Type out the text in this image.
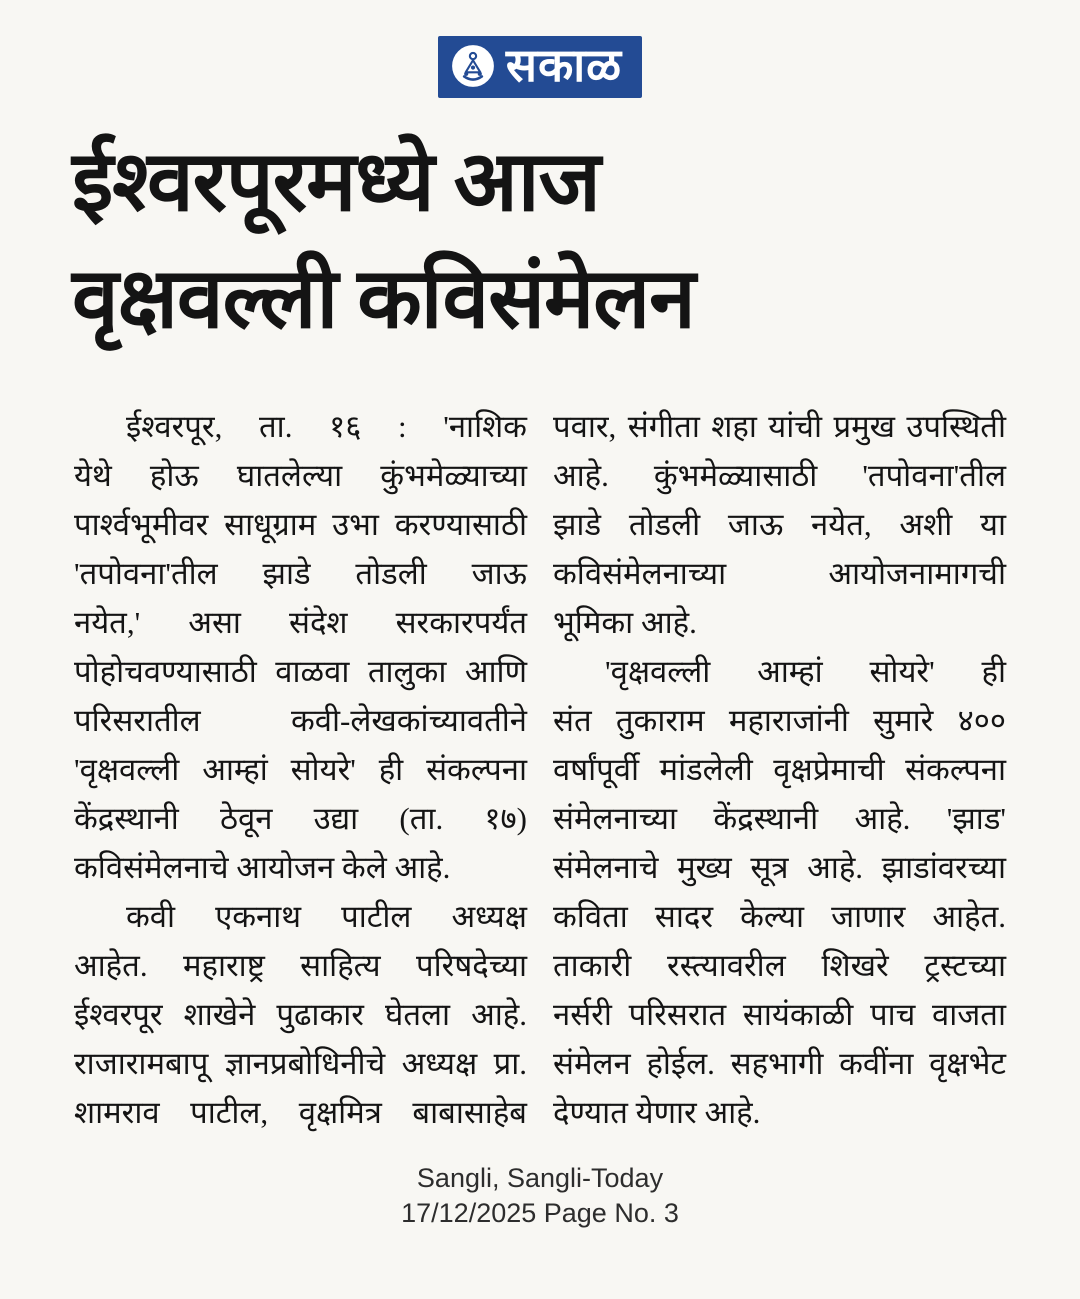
सकाळ
ईश्वरपूरमध्ये आज
वृक्षवल्ली कविसंमेलन
ईश्वरपूर, ता. १६ : 'नाशिक
येथे होऊ घातलेल्या कुंभमेळ्याच्या
पार्श्वभूमीवर साधूग्राम उभा करण्यासाठी
'तपोवना'तील झाडे तोडली जाऊ
नयेत,' असा संदेश सरकारपर्यंत
पोहोचवण्यासाठी वाळवा तालुका आणि
परिसरातील कवी-लेखकांच्यावतीने
'वृक्षवल्ली आम्हां सोयरे' ही संकल्पना
केंद्रस्थानी ठेवून उद्या (ता. १७)
कविसंमेलनाचे आयोजन केले आहे.
कवी एकनाथ पाटील अध्यक्ष
आहेत. महाराष्ट्र साहित्य परिषदेच्या
ईश्वरपूर शाखेने पुढाकार घेतला आहे.
राजारामबापू ज्ञानप्रबोधिनीचे अध्यक्ष प्रा.
शामराव पाटील, वृक्षमित्र बाबासाहेब
पवार, संगीता शहा यांची प्रमुख उपस्थिती
आहे. कुंभमेळ्यासाठी 'तपोवना'तील
झाडे तोडली जाऊ नयेत, अशी या
कविसंमेलनाच्या आयोजनामागची
भूमिका आहे.
'वृक्षवल्ली आम्हां सोयरे' ही
संत तुकाराम महाराजांनी सुमारे ४००
वर्षांपूर्वी मांडलेली वृक्षप्रेमाची संकल्पना
संमेलनाच्या केंद्रस्थानी आहे. 'झाड'
संमेलनाचे मुख्य सूत्र आहे. झाडांवरच्या
कविता सादर केल्या जाणार आहेत.
ताकारी रस्त्यावरील शिखरे ट्रस्टच्या
नर्सरी परिसरात सायंकाळी पाच वाजता
संमेलन होईल. सहभागी कवींना वृक्षभेट
देण्यात येणार आहे.
Sangli, Sangli-Today
17/12/2025 Page No. 3
